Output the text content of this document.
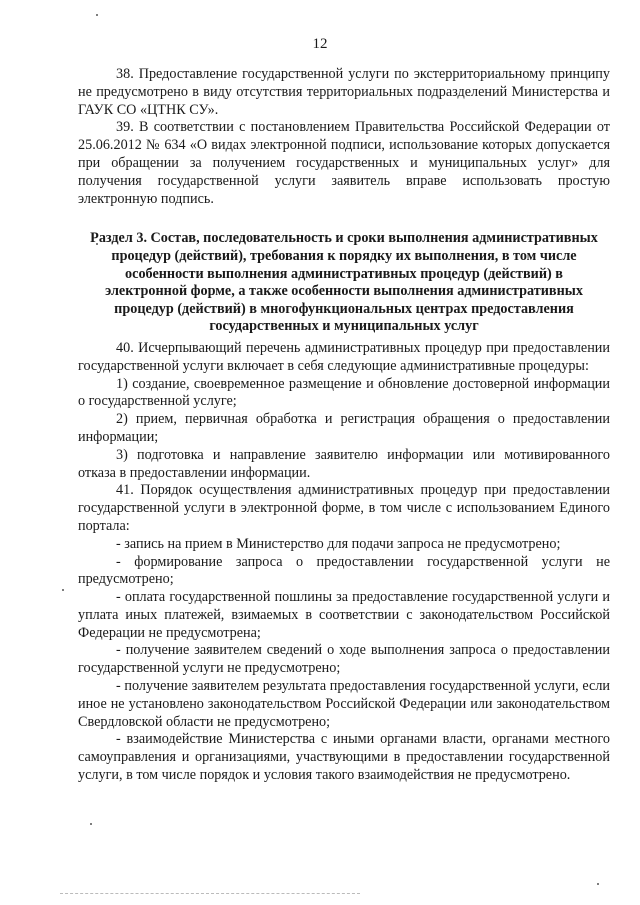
12

38. Предоставление государственной услуги по экстерриториальному принципу не предусмотрено в виду отсутствия территориальных подразделений Министерства и ГАУК СО «ЦТНК СУ».

39. В соответствии с постановлением Правительства Российской Федерации от 25.06.2012 № 634 «О видах электронной подписи, использование которых допускается при обращении за получением государственных и муниципальных услуг» для получения государственной услуги заявитель вправе использовать простую электронную подпись.

Раздел 3. Состав, последовательность и сроки выполнения административных процедур (действий), требования к порядку их выполнения, в том числе особенности выполнения административных процедур (действий) в электронной форме, а также особенности выполнения административных процедур (действий) в многофункциональных центрах предоставления государственных и муниципальных услуг

40. Исчерпывающий перечень административных процедур при предоставлении государственной услуги включает в себя следующие административные процедуры:

1) создание, своевременное размещение и обновление достоверной информации о государственной услуге;

2) прием, первичная обработка и регистрация обращения о предоставлении информации;

3) подготовка и направление заявителю информации или мотивированного отказа в предоставлении информации.

41. Порядок осуществления административных процедур при предоставлении государственной услуги в электронной форме, в том числе с использованием Единого портала:

- запись на прием в Министерство для подачи запроса не предусмотрено;

- формирование запроса о предоставлении государственной услуги не предусмотрено;

- оплата государственной пошлины за предоставление государственной услуги и уплата иных платежей, взимаемых в соответствии с законодательством Российской Федерации не предусмотрена;

- получение заявителем сведений о ходе выполнения запроса о предоставлении государственной услуги не предусмотрено;

- получение заявителем результата предоставления государственной услуги, если иное не установлено законодательством Российской Федерации или законодательством Свердловской области не предусмотрено;

- взаимодействие Министерства с иными органами власти, органами местного самоуправления и организациями, участвующими в предоставлении государственной услуги, в том числе порядок и условия такого взаимодействия не предусмотрено.
